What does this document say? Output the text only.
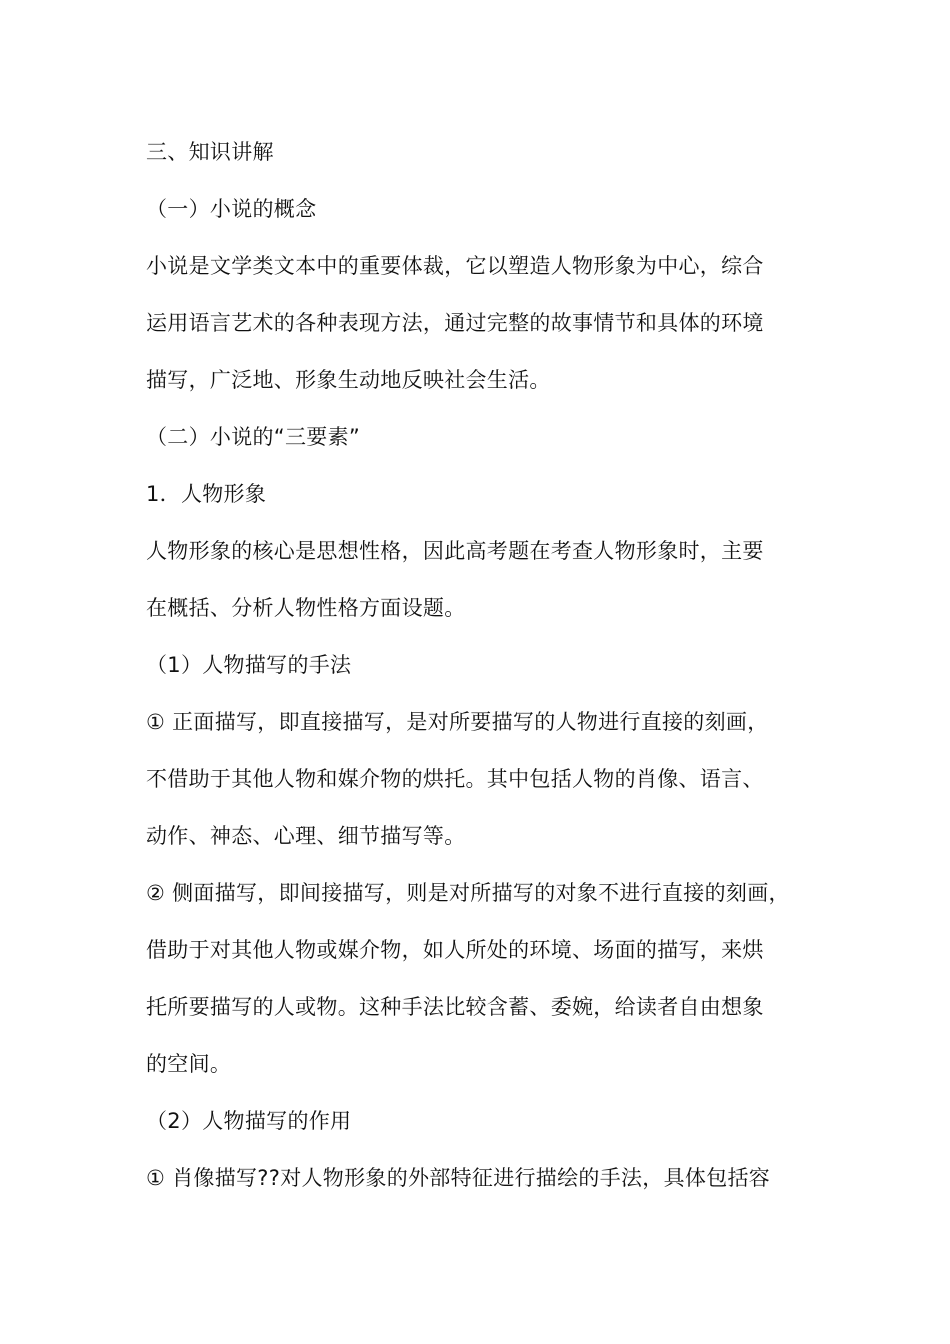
三、知识讲解
（一）小说的概念
小说是文学类文本中的重要体裁，它以塑造人物形象为中心，综合
运用语言艺术的各种表现方法，通过完整的故事情节和具体的环境
描写，广泛地、形象生动地反映社会生活。
（二）小说的“三要素”
1．人物形象
人物形象的核心是思想性格，因此高考题在考查人物形象时，主要
在概括、分析人物性格方面设题。
（1）人物描写的手法
① 正面描写，即直接描写，是对所要描写的人物进行直接的刻画，
不借助于其他人物和媒介物的烘托。其中包括人物的肖像、语言、
动作、神态、心理、细节描写等。
② 侧面描写，即间接描写，则是对所描写的对象不进行直接的刻画，
借助于对其他人物或媒介物，如人所处的环境、场面的描写，来烘
托所要描写的人或物。这种手法比较含蓄、委婉，给读者自由想象
的空间。
（2）人物描写的作用
① 肖像描写??对人物形象的外部特征进行描绘的手法，具体包括容
